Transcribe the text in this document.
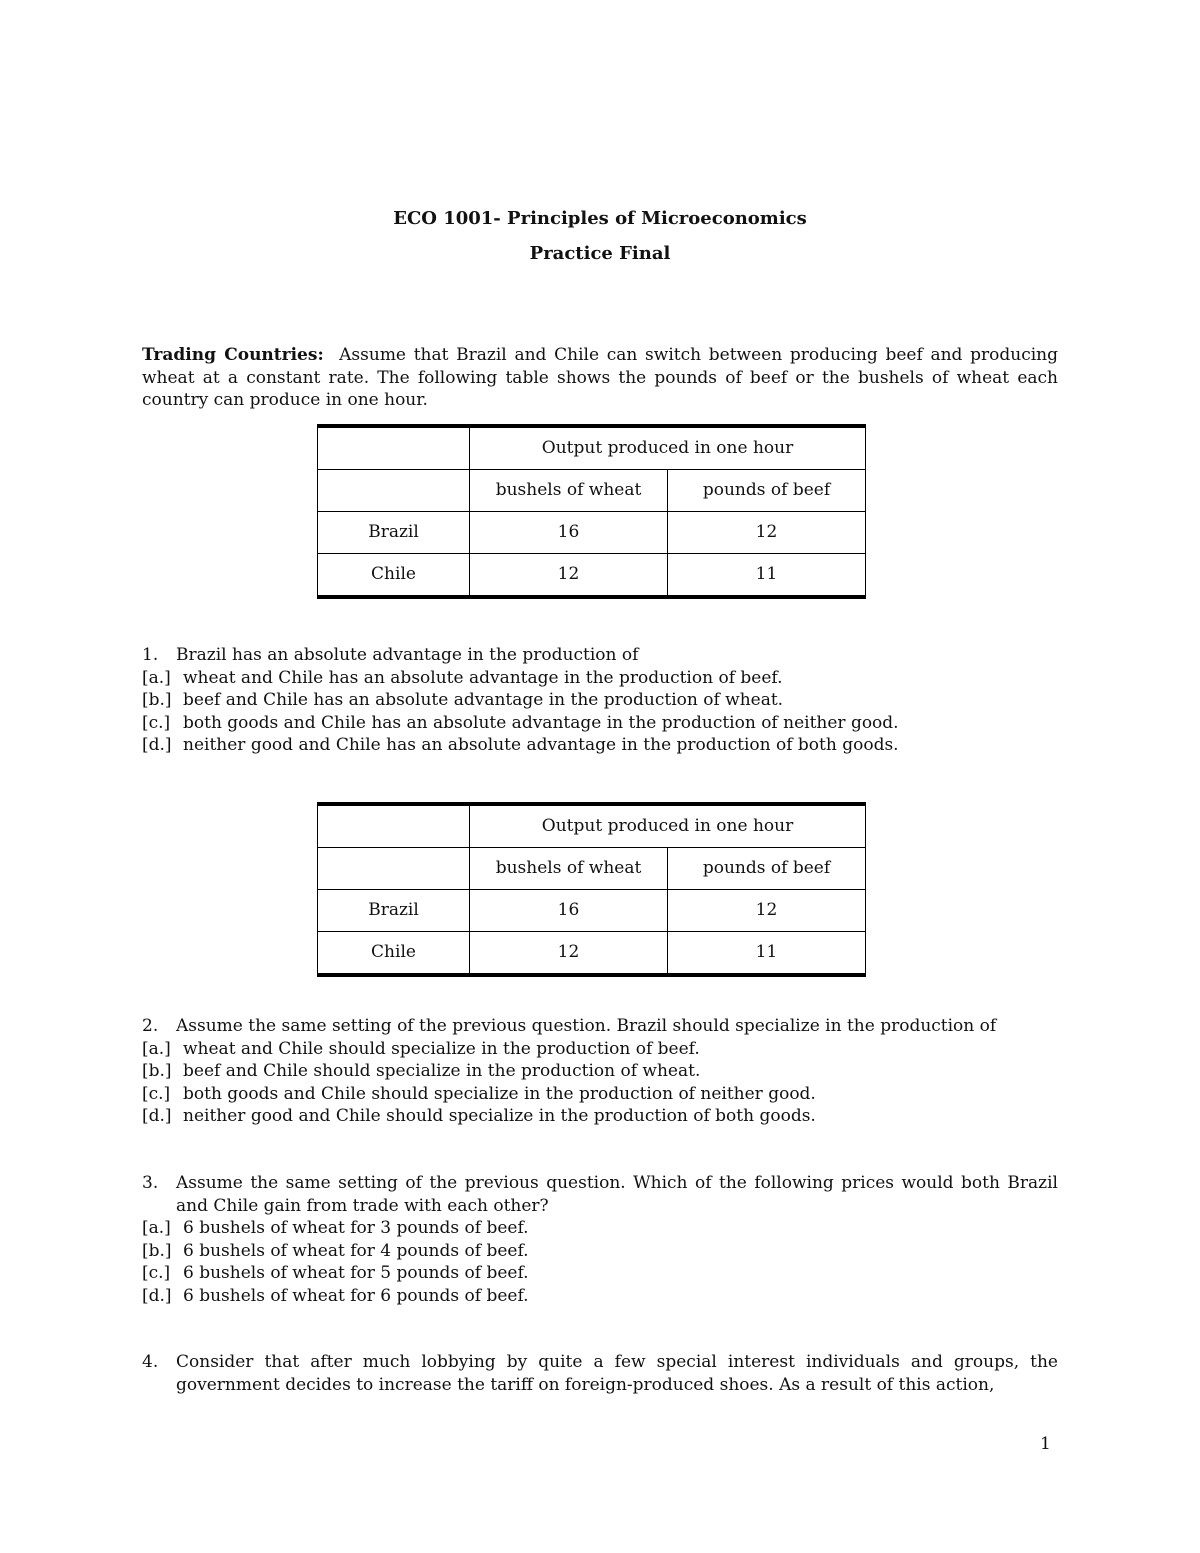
ECO 1001- Principles of Microeconomics
Practice Final
Trading Countries: Assume that Brazil and Chile can switch between producing beef and producing wheat at a constant rate. The following table shows the pounds of beef or the bushels of wheat each country can produce in one hour.
	Output produced in one hour	
	bushels of wheat	pounds of beef
Brazil	16	12
Chile	12	11
1.	Brazil has an absolute advantage in the production of
[a.] wheat and Chile has an absolute advantage in the production of beef.
[b.] beef and Chile has an absolute advantage in the production of wheat.
[c.] both goods and Chile has an absolute advantage in the production of neither good.
[d.] neither good and Chile has an absolute advantage in the production of both goods.
	Output produced in one hour	
	bushels of wheat	pounds of beef
Brazil	16	12
Chile	12	11
2.	Assume the same setting of the previous question. Brazil should specialize in the production of
[a.] wheat and Chile should specialize in the production of beef.
[b.] beef and Chile should specialize in the production of wheat.
[c.] both goods and Chile should specialize in the production of neither good.
[d.] neither good and Chile should specialize in the production of both goods.
3.	Assume the same setting of the previous question. Which of the following prices would both Brazil and Chile gain from trade with each other?
[a.] 6 bushels of wheat for 3 pounds of beef.
[b.] 6 bushels of wheat for 4 pounds of beef.
[c.] 6 bushels of wheat for 5 pounds of beef.
[d.] 6 bushels of wheat for 6 pounds of beef.
4.	Consider that after much lobbying by quite a few special interest individuals and groups, the government decides to increase the tariff on foreign-produced shoes. As a result of this action,
1
